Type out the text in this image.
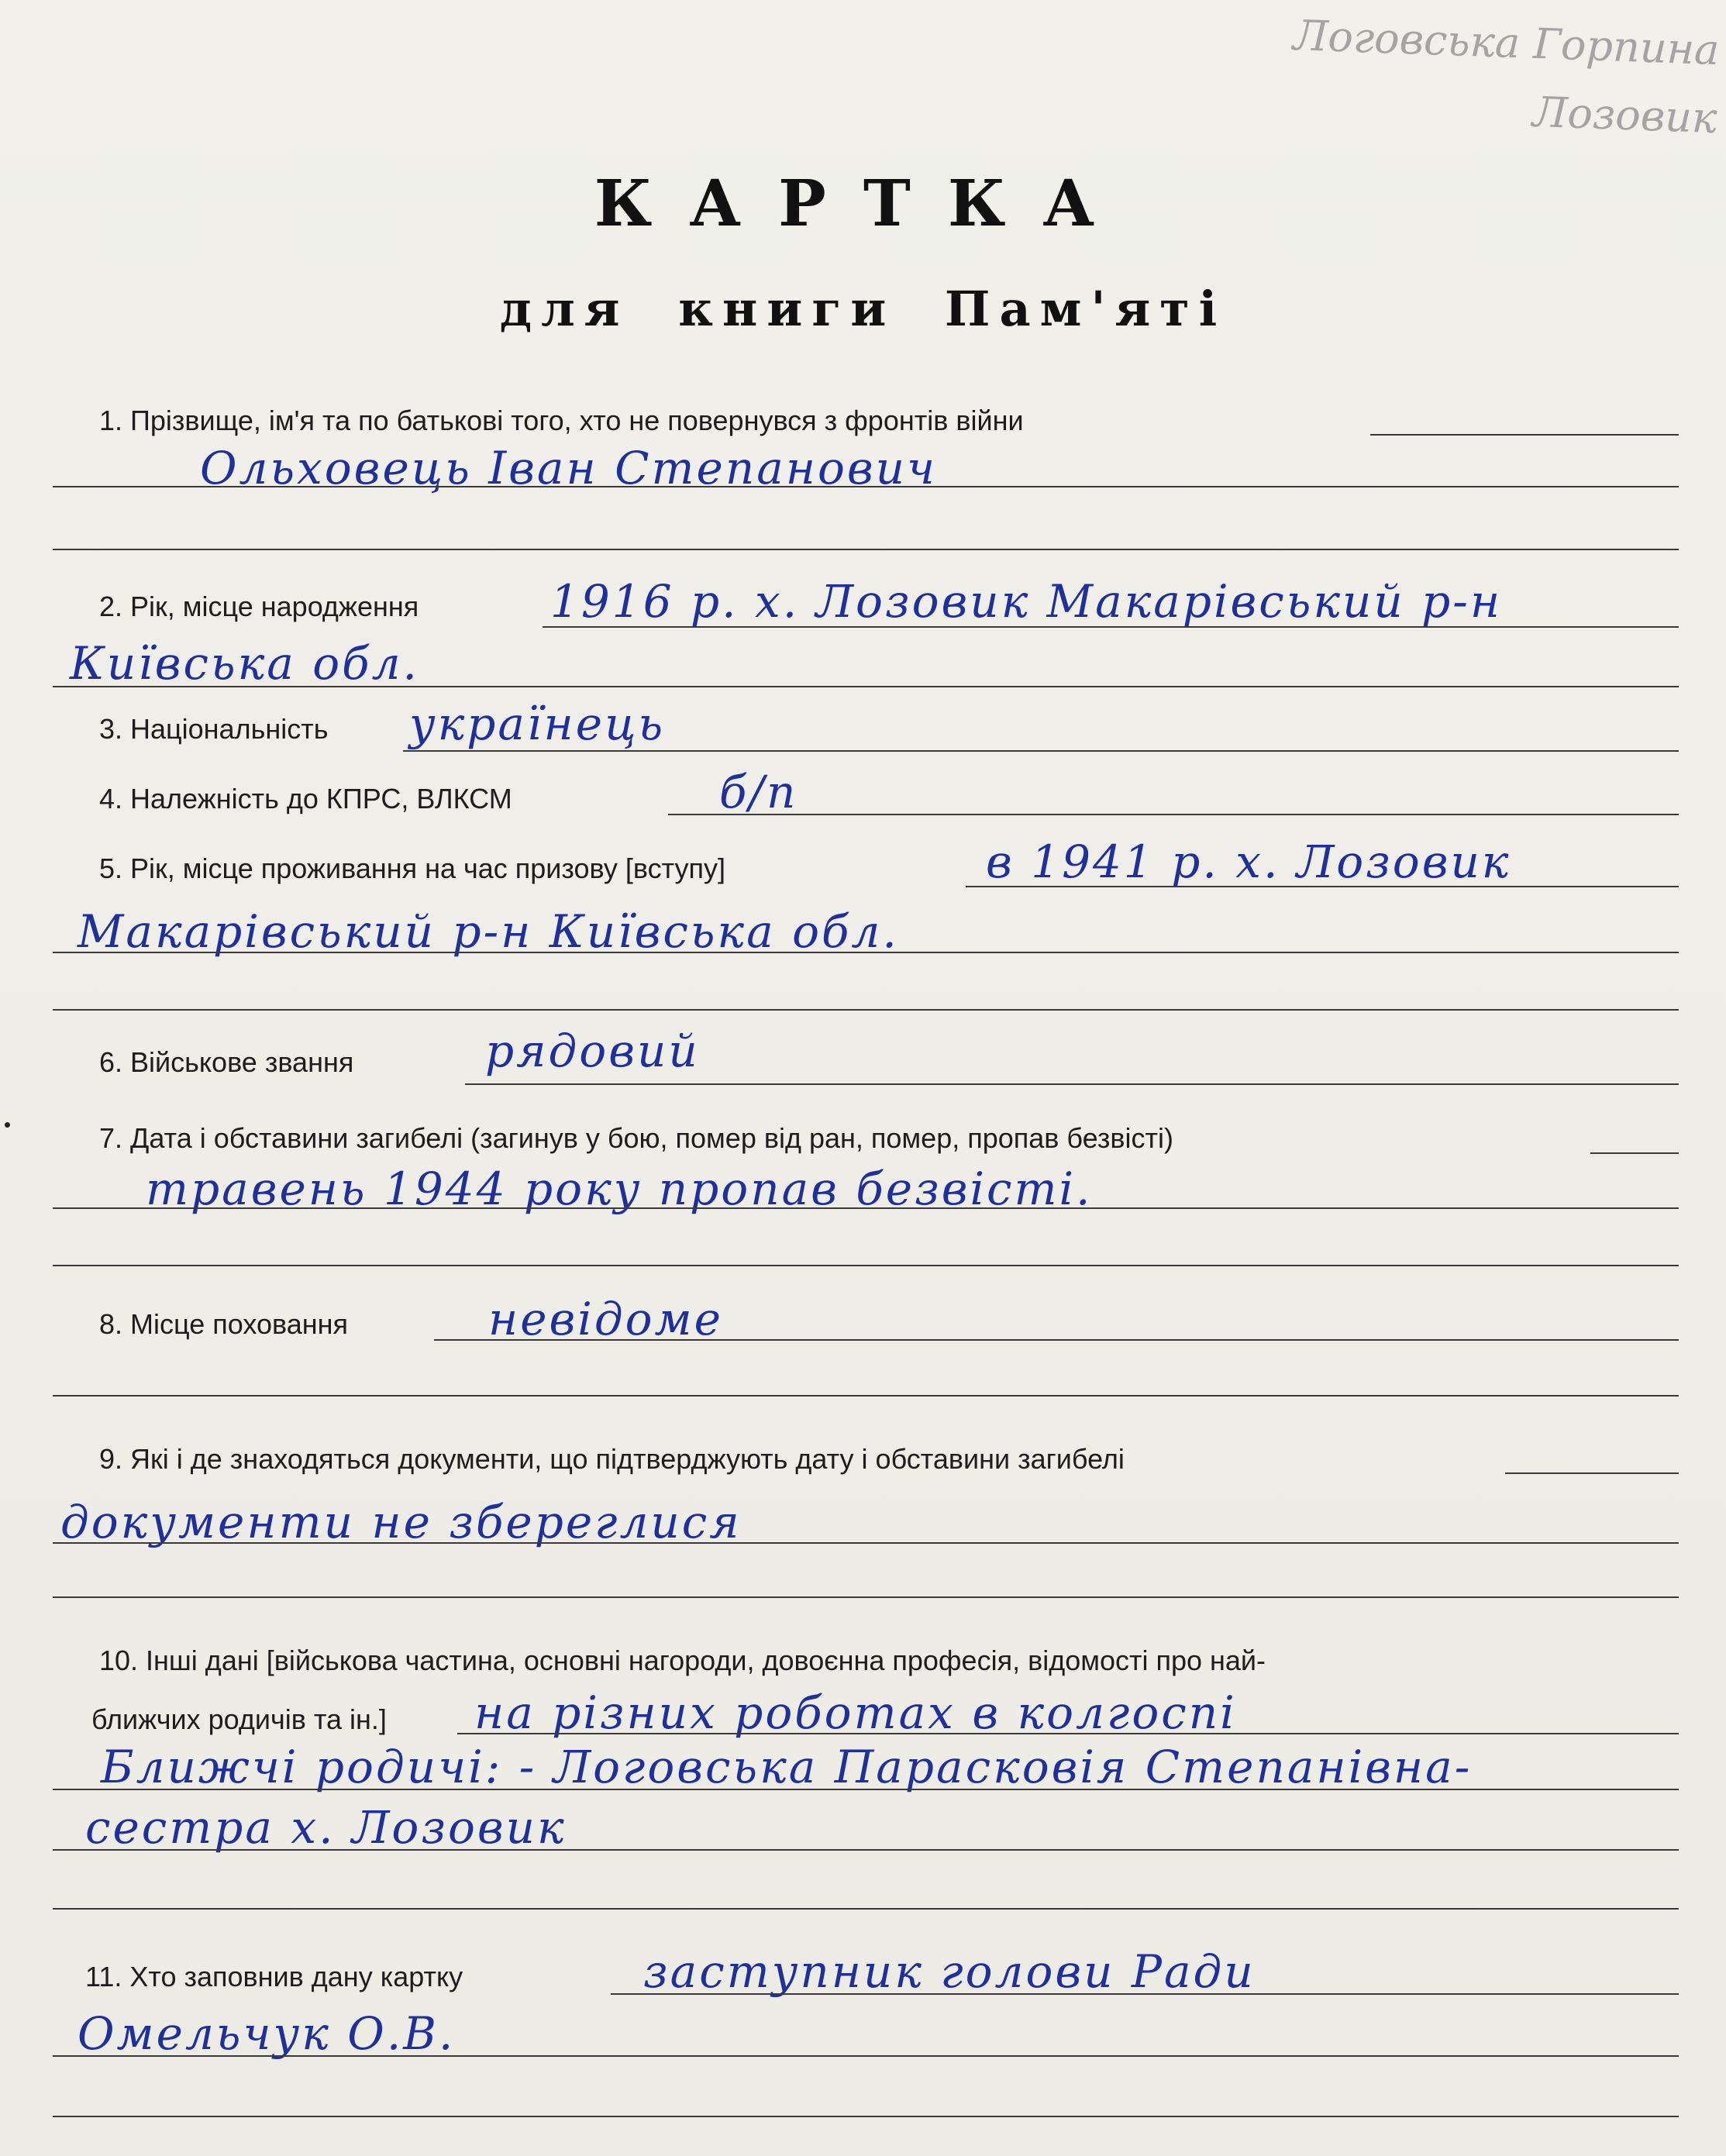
Логовська Горпина
Лозовик
КАРТКА
для книги Пам'яті
1. Прізвище, ім'я та по батькові того, хто не повернувся з фронтів війни
Ольховець Іван Степанович
2. Рік, місце народження	1916 р. х. Лозовик Макарівський р-н
Київська обл.
3. Національність українець
4. Належність до КПРС, ВЛКСМ	б/п
5. Рік, місце проживання на час призову [вступу]	в 1941 р. х. Лозовик
Макарівський р-н Київська обл.
6. Військове звання	рядовий
7. Дата і обставини загибелі (загинув у бою, помер від ран, помер, пропав безвісті)
травень 1944 року пропав безвісті.
8. Місце поховання	невідоме
9. Які і де знаходяться документи, що підтверджують дату і обставини загибелі
документи не збереглися
10. Інші дані [військова частина, основні нагороди, довоєнна професія, відомості про най-
ближчих родичів та ін.] на різних роботах в колгоспі
Ближчі родичі: - Логовська Парасковія Степанівна-
сестра х. Лозовик
11. Хто заповнив дану картку	заступник голови Ради
Омельчук О.В.
